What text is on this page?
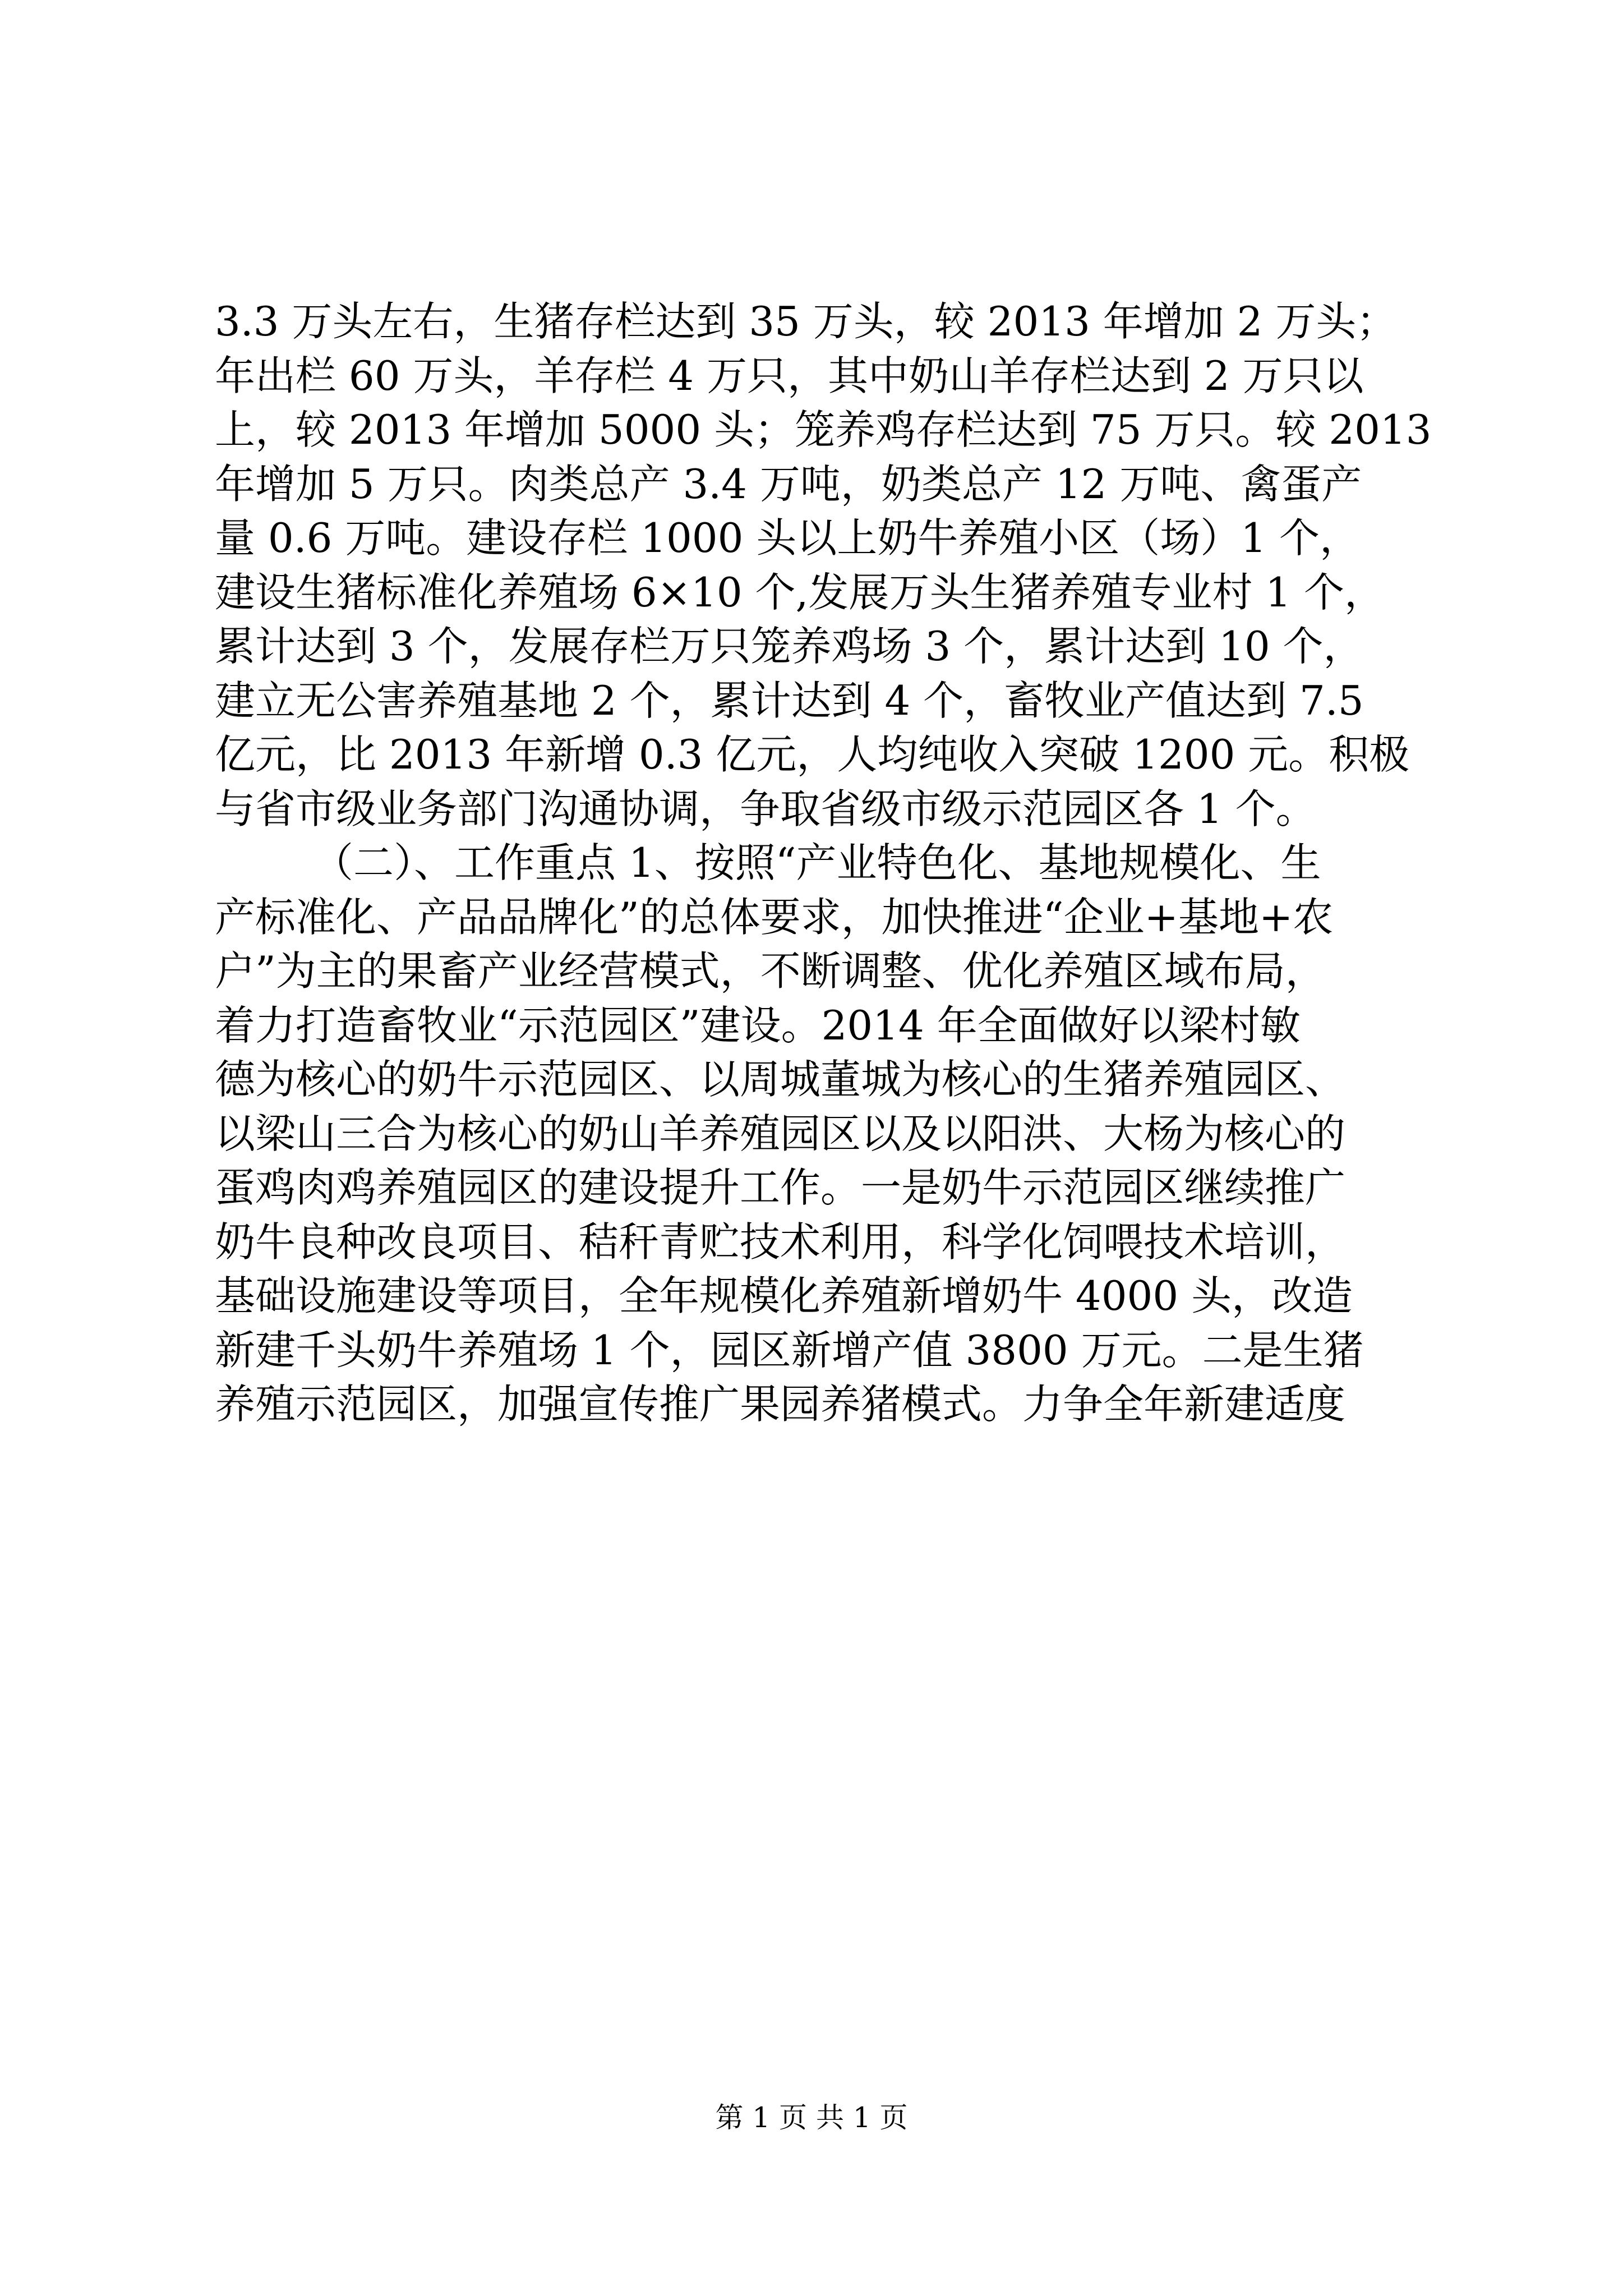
3.3 万头左右，生猪存栏达到 35 万头，较 2013 年增加 2 万头；
年出栏 60 万头，羊存栏 4 万只，其中奶山羊存栏达到 2 万只以
上，较 2013 年增加 5000 头；笼养鸡存栏达到 75 万只。较 2013
年增加 5 万只。肉类总产 3.4 万吨，奶类总产 12 万吨、禽蛋产
量 0.6 万吨。建设存栏 1000 头以上奶牛养殖小区（场）1 个，
建设生猪标准化养殖场 6×10 个,发展万头生猪养殖专业村 1 个，
累计达到 3 个，发展存栏万只笼养鸡场 3 个，累计达到 10 个，
建立无公害养殖基地 2 个，累计达到 4 个，畜牧业产值达到 7.5
亿元，比 2013 年新增 0.3 亿元，人均纯收入突破 1200 元。积极
与省市级业务部门沟通协调，争取省级市级示范园区各 1 个。
（二）、工作重点 1、按照“产业特色化、基地规模化、生
产标准化、产品品牌化”的总体要求，加快推进“企业+基地+农
户”为主的果畜产业经营模式，不断调整、优化养殖区域布局，
着力打造畜牧业“示范园区”建设。2014 年全面做好以梁村敏
德为核心的奶牛示范园区、以周城董城为核心的生猪养殖园区、
以梁山三合为核心的奶山羊养殖园区以及以阳洪、大杨为核心的
蛋鸡肉鸡养殖园区的建设提升工作。一是奶牛示范园区继续推广
奶牛良种改良项目、秸秆青贮技术利用，科学化饲喂技术培训，
基础设施建设等项目，全年规模化养殖新增奶牛 4000 头，改造
新建千头奶牛养殖场 1 个，园区新增产值 3800 万元。二是生猪
养殖示范园区，加强宣传推广果园养猪模式。力争全年新建适度
第 1 页 共 1 页
